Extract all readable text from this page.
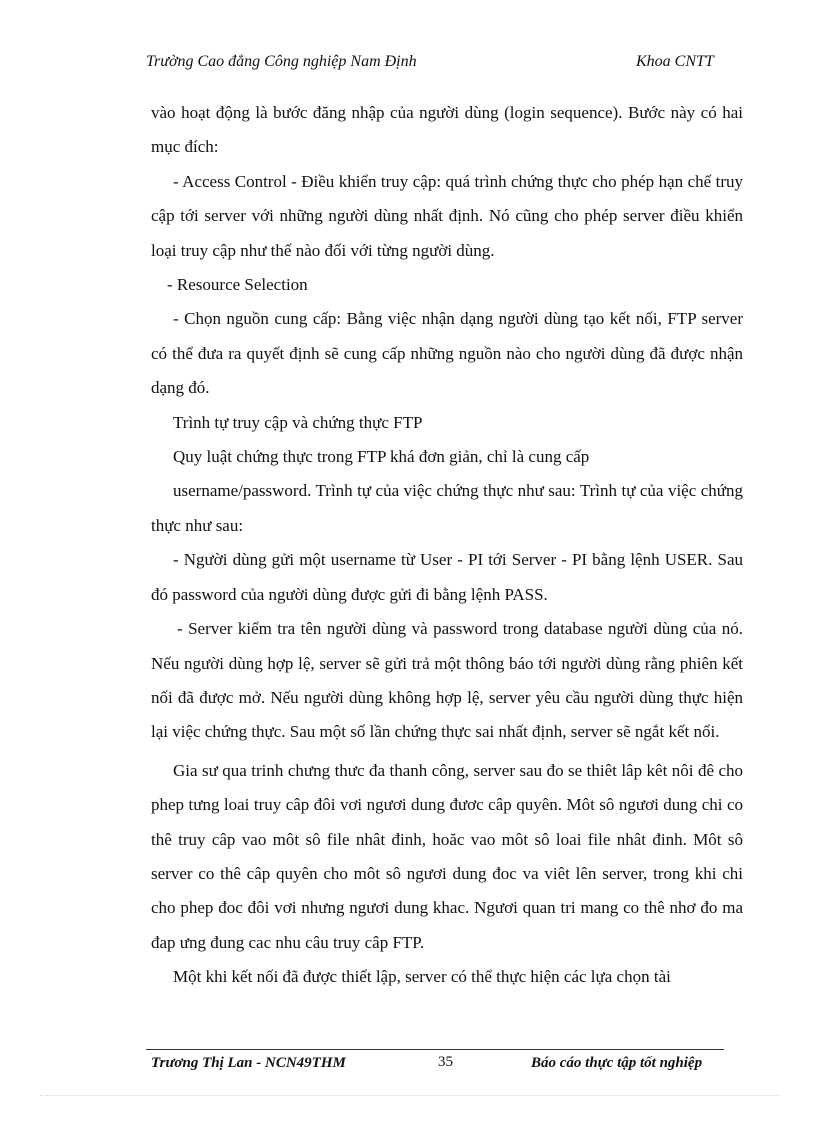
Trường Cao đẳng Công nghiệp Nam Định	Khoa CNTT

vào hoạt động là bước đăng nhập của người dùng (login sequence). Bước này có hai mục đích:

- Access Control - Điều khiển truy cập: quá trình chứng thực cho phép hạn chế truy cập tới server với những người dùng nhất định. Nó cũng cho phép server điều khiển loại truy cập như thế nào đối với từng người dùng.

- Resource Selection

- Chọn nguồn cung cấp: Bằng việc nhận dạng người dùng tạo kết nối, FTP server có thể đưa ra quyết định sẽ cung cấp những nguồn nào cho người dùng đã được nhận dạng đó.

Trình tự truy cập và chứng thực FTP

Quy luật chứng thực trong FTP khá đơn giản, chỉ là cung cấp

username/password. Trình tự của việc chứng thực như sau: Trình tự của việc chứng thực như sau:

- Người dùng gửi một username từ User - PI tới Server - PI bằng lệnh USER. Sau đó password của người dùng được gửi đi bằng lệnh PASS.

- Server kiểm tra tên người dùng và password trong database người dùng của nó. Nếu người dùng hợp lệ, server sẽ gửi trả một thông báo tới người dùng rằng phiên kết nối đã được mở. Nếu người dùng không hợp lệ, server yêu cầu người dùng thực hiện lại việc chứng thực. Sau một số lần chứng thực sai nhất định, server sẽ ngắt kết nối.

Gia sư qua trinh chưng thưc đa thanh công, server sau đo se thiêt lâp kêt nôi đê cho phep tưng loai truy câp đôi vơi ngươi dung đươc câp quyên. Môt sô ngươi dung chi co thê truy câp vao môt sô file nhât đinh, hoăc vao môt sô loai file nhât đinh. Môt sô server co thê câp quyên cho môt sô ngươi dung đoc va viêt lên server, trong khi chi cho phep đoc đôi vơi nhưng ngươi dung khac. Ngươi quan tri mang co thê nhơ đo ma đap ưng đung cac nhu câu truy câp FTP.

Một khi kết nối đã được thiết lập, server có thể thực hiện các lựa chọn tài

Trương Thị Lan - NCN49THM	35	Báo cáo thực tập tốt nghiệp
